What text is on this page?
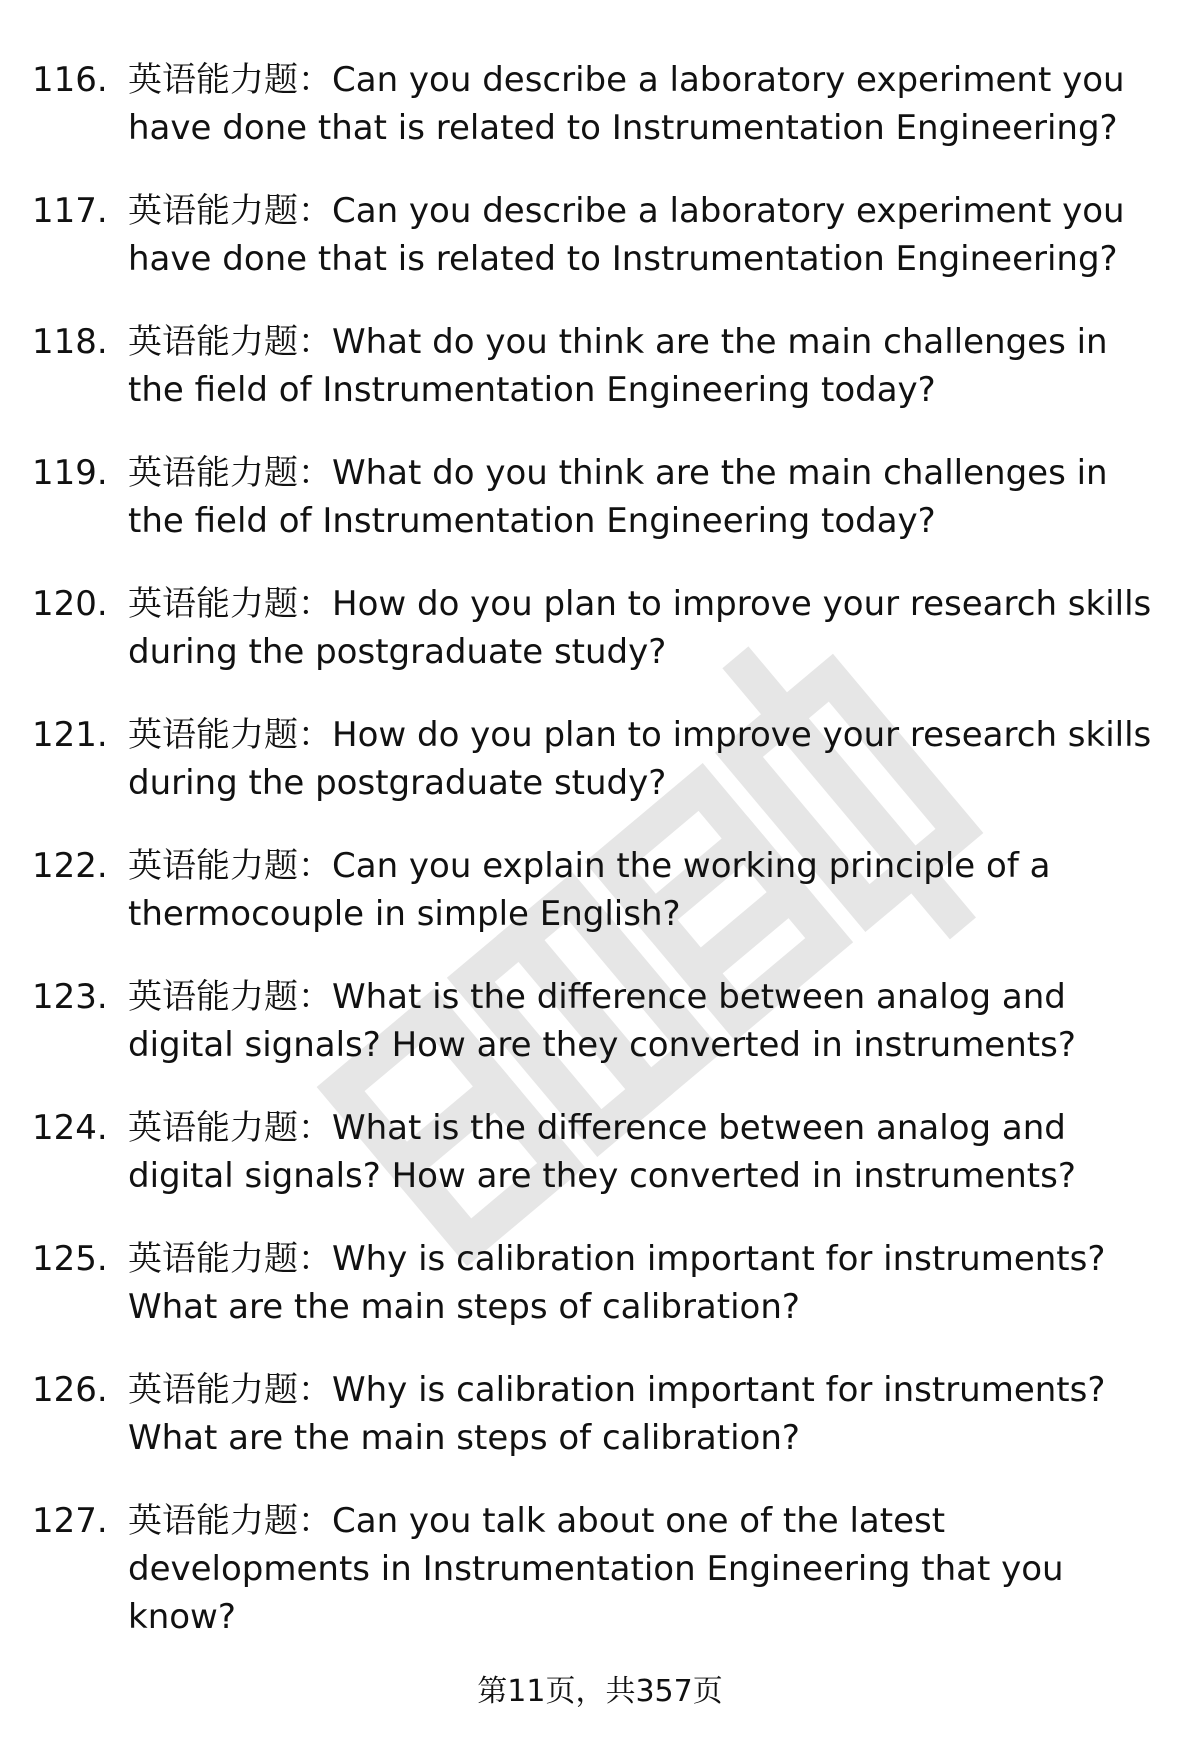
116. 英语能力题：Can you describe a laboratory experiment you have done that is related to Instrumentation Engineering?
117. 英语能力题：Can you describe a laboratory experiment you have done that is related to Instrumentation Engineering?
118. 英语能力题：What do you think are the main challenges in the field of Instrumentation Engineering today?
119. 英语能力题：What do you think are the main challenges in the field of Instrumentation Engineering today?
120. 英语能力题：How do you plan to improve your research skills during the postgraduate study?
121. 英语能力题：How do you plan to improve your research skills during the postgraduate study?
122. 英语能力题：Can you explain the working principle of a thermocouple in simple English?
123. 英语能力题：What is the difference between analog and digital signals? How are they converted in instruments?
124. 英语能力题：What is the difference between analog and digital signals? How are they converted in instruments?
125. 英语能力题：Why is calibration important for instruments? What are the main steps of calibration?
126. 英语能力题：Why is calibration important for instruments? What are the main steps of calibration?
127. 英语能力题：Can you talk about one of the latest developments in Instrumentation Engineering that you know?
第11页，共357页
